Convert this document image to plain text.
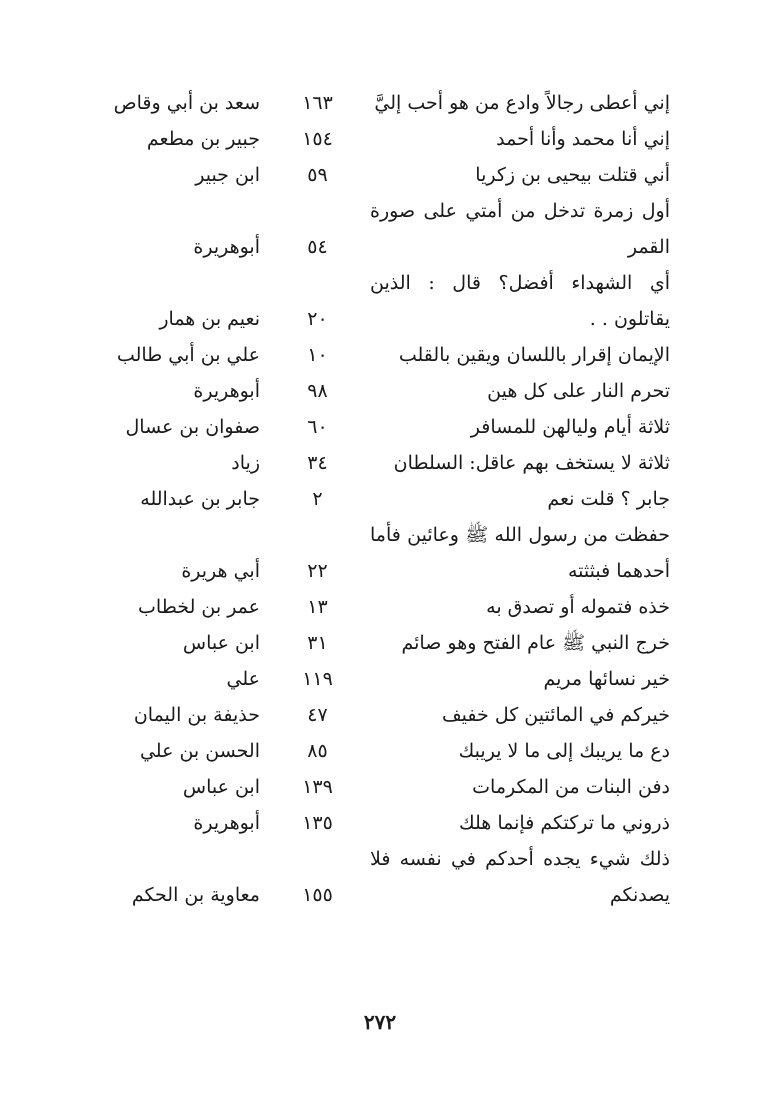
إني أعطى رجالاً وادع من هو أحب إليَّ
١٦٣
سعد بن أبي وقاص
إني أنا محمد وأنا أحمد
١٥٤
جبير بن مطعم
أني قتلت بيحيى بن زكريا
٥٩
ابن جبير
أول زمرة تدخل من أمتي على صورة
القمر
٥٤
أبوهريرة
أي الشهداء أفضل؟ قال : الذين
يقاتلون . .
٢٠
نعيم بن همار
الإيمان إقرار باللسان ويقين بالقلب
١٠
علي بن أبي طالب
تحرم النار على كل هين
٩٨
أبوهريرة
ثلاثة أيام وليالهن للمسافر
٦٠
صفوان بن عسال
ثلاثة لا يستخف بهم عاقل: السلطان
٣٤
زياد
جابر ؟ قلت نعم
٢
جابر بن عبدالله
حفظت من رسول الله ﷺ وعائين فأما
أحدهما فبثثته
٢٢
أبي هريرة
خذه فتموله أو تصدق به
١٣
عمر بن لخطاب
خرج النبي ﷺ عام الفتح وهو صائم
٣١
ابن عباس
خير نسائها مريم
١١٩
علي
خيركم في المائتين كل خفيف
٤٧
حذيفة بن اليمان
دع ما يريبك إلى ما لا يريبك
٨٥
الحسن بن علي
دفن البنات من المكرمات
١٣٩
ابن عباس
ذروني ما تركتكم فإنما هلك
١٣٥
أبوهريرة
ذلك شيء يجده أحدكم في نفسه فلا
يصدنكم
١٥٥
معاوية بن الحكم
٢٧٢
